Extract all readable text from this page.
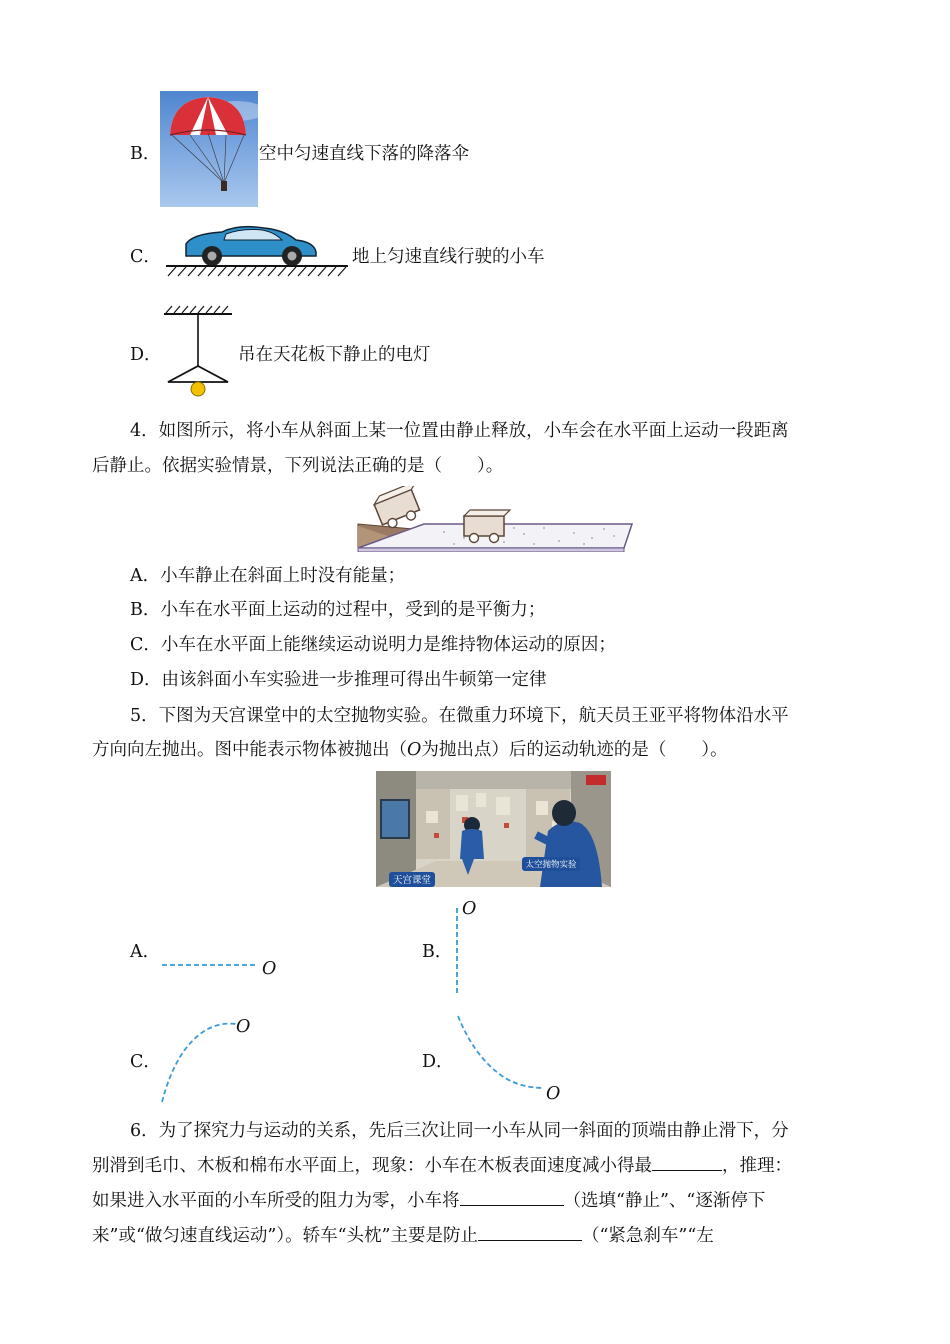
B．	空中匀速直线下落的降落伞
C．	地上匀速直线行驶的小车
D．	吊在天花板下静止的电灯
4．如图所示，将小车从斜面上某一位置由静止释放，小车会在水平面上运动一段距离
后静止。依据实验情景，下列说法正确的是（　　）。
A．小车静止在斜面上时没有能量；
B．小车在水平面上运动的过程中，受到的是平衡力；
C．小车在水平面上能继续运动说明力是维持物体运动的原因；
D．由该斜面小车实验进一步推理可得出牛顿第一定律
5．下图为天宫课堂中的太空抛物实验。在微重力环境下，航天员王亚平将物体沿水平
方向向左抛出。图中能表示物体被抛出（O为抛出点）后的运动轨迹的是（　　）。
天宫课堂
太空抛物实验
A．
O
B．
O
C．
O
D．
O
6．为了探究力与运动的关系，先后三次让同一小车从同一斜面的顶端由静止滑下，分
别滑到毛巾、木板和棉布水平面上，现象：小车在木板表面速度减小得最	，推理：
如果进入水平面的小车所受的阻力为零，小车将	（选填“静止”、“逐渐停下
来”或“做匀速直线运动”）。轿车“头枕”主要是防止	（“紧急刹车”“左
